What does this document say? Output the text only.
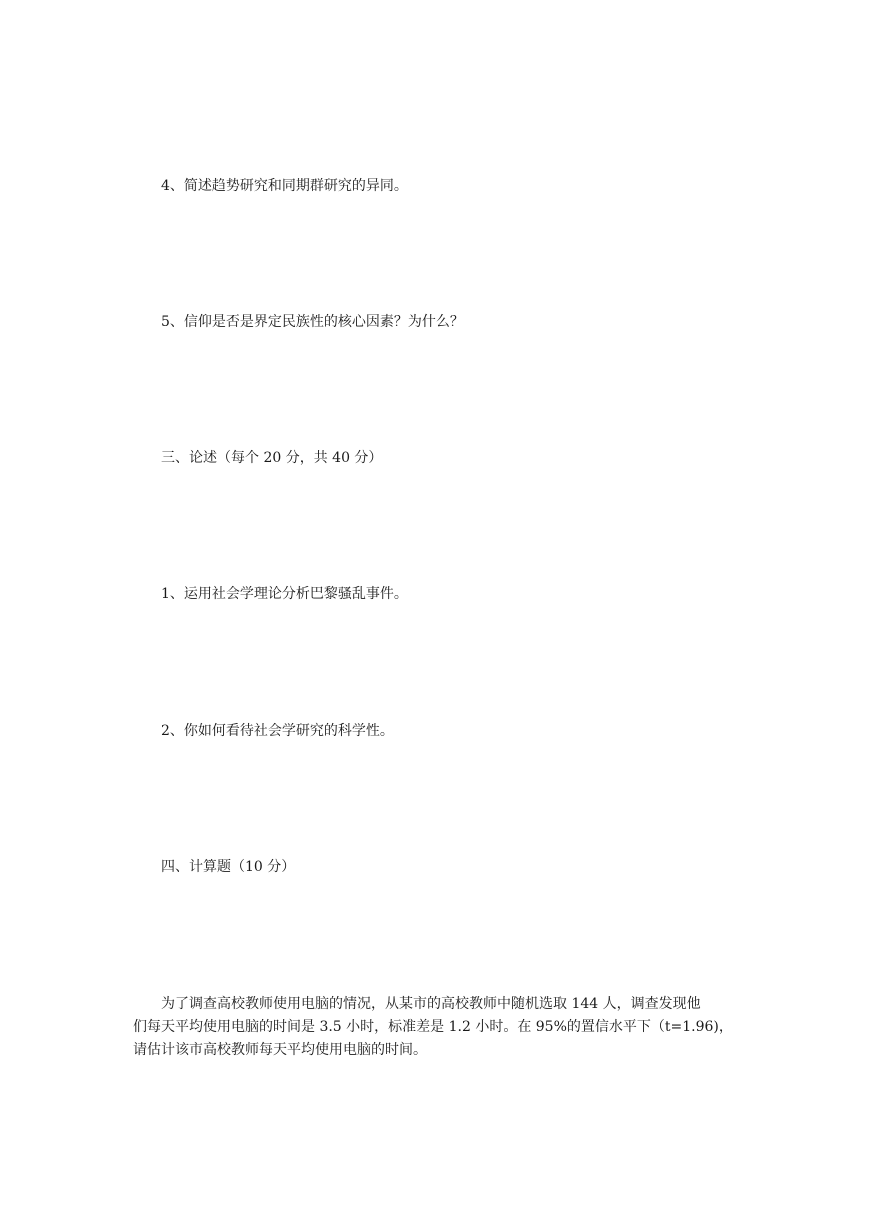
4、简述趋势研究和同期群研究的异同。
5、信仰是否是界定民族性的核心因素？为什么？
三、论述（每个 20 分，共 40 分）
1、运用社会学理论分析巴黎骚乱事件。
2、你如何看待社会学研究的科学性。
四、计算题（10 分）
为了调查高校教师使用电脑的情况，从某市的高校教师中随机选取 144 人，调查发现他
们每天平均使用电脑的时间是 3.5 小时，标准差是 1.2 小时。在 95%的置信水平下（t=1.96)，
请估计该市高校教师每天平均使用电脑的时间。
